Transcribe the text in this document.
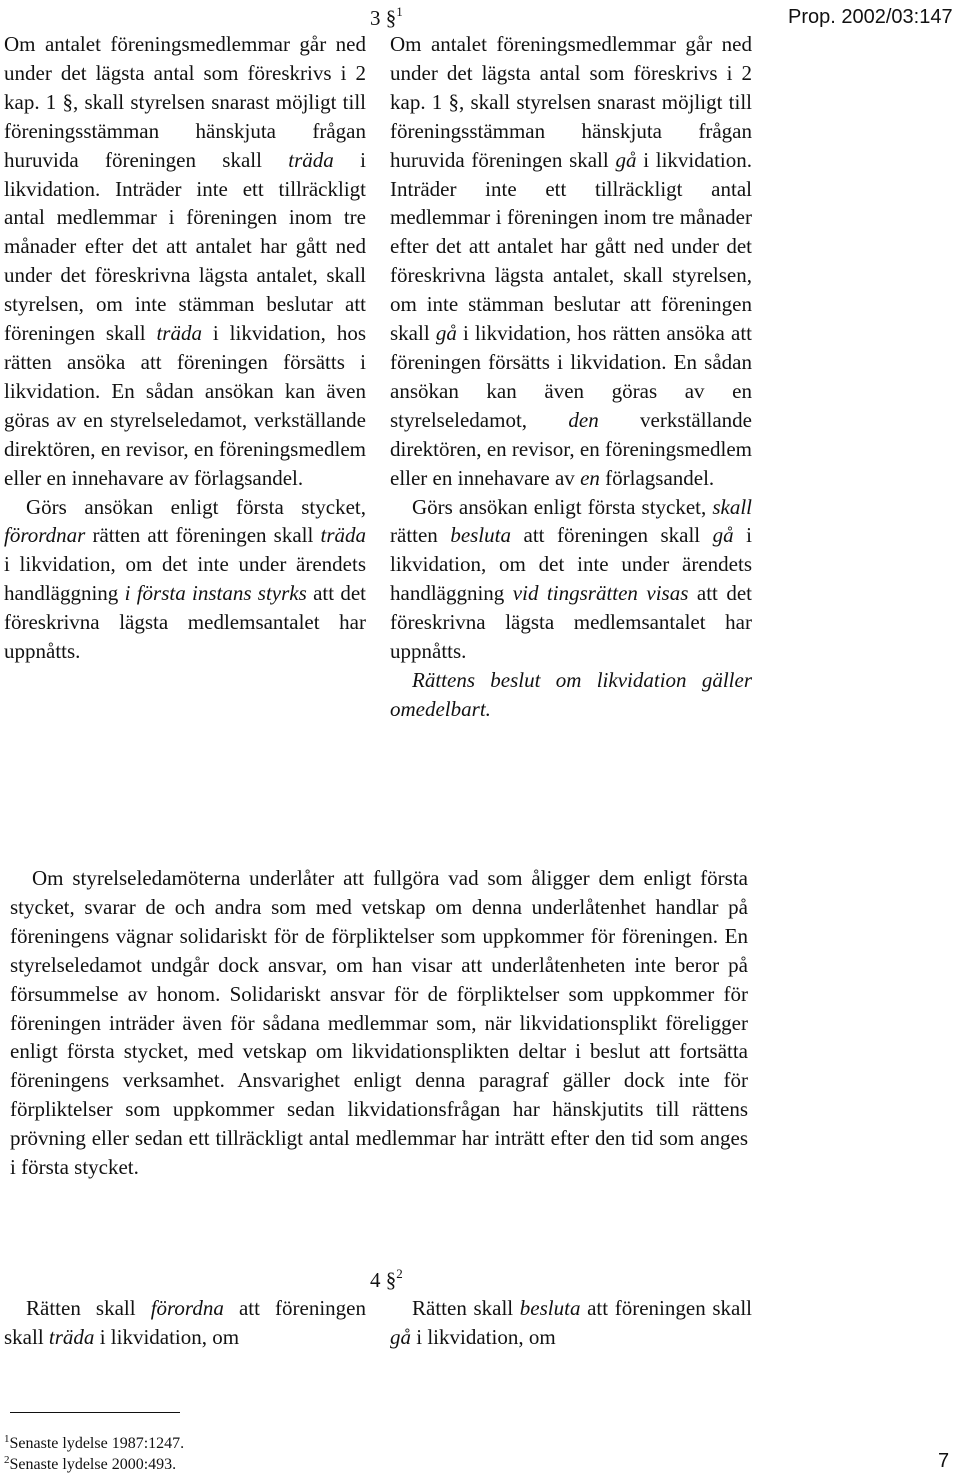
3 §$^1$	Prop. 2002/03:147

Om antalet föreningsmedlemmar går ned under det lägsta antal som föreskrivs i 2 kap. 1 §, skall styrelsen snarast möjligt till föreningsstämman hänskjuta frågan huruvida föreningen skall träda i likvidation. Inträder inte ett tillräckligt antal medlemmar i föreningen inom tre månader efter det att antalet har gått ned under det föreskrivna lägsta antalet, skall styrelsen, om inte stämman beslutar att föreningen skall träda i likvidation, hos rätten ansöka att föreningen försätts i likvidation. En sådan ansökan kan även göras av en styrelseledamot, verkställande direktören, en revisor, en föreningsmedlem eller en innehavare av förlagsandel.

Görs ansökan enligt första stycket, förordnar rätten att föreningen skall träda i likvidation, om det inte under ärendets handläggning i första instans styrks att det föreskrivna lägsta medlemsantalet har uppnåtts.

Om antalet föreningsmedlemmar går ned under det lägsta antal som föreskrivs i 2 kap. 1 §, skall styrelsen snarast möjligt till föreningsstämman hänskjuta frågan huruvida föreningen skall gå i likvidation. Inträder inte ett tillräckligt antal medlemmar i föreningen inom tre månader efter det att antalet har gått ned under det föreskrivna lägsta antalet, skall styrelsen, om inte stämman beslutar att föreningen skall gå i likvidation, hos rätten ansöka att föreningen försätts i likvidation. En sådan ansökan kan även göras av en styrelseledamot, den verkställande direktören, en revisor, en föreningsmedlem eller en innehavare av en förlagsandel.

Görs ansökan enligt första stycket, skall rätten besluta att föreningen skall gå i likvidation, om det inte under ärendets handläggning vid tingsrätten visas att det föreskrivna lägsta medlemsantalet har uppnåtts.

Rättens beslut om likvidation gäller omedelbart.

Om styrelseledamöterna underlåter att fullgöra vad som åligger dem enligt första stycket, svarar de och andra som med vetskap om denna underlåtenhet handlar på föreningens vägnar solidariskt för de förpliktelser som uppkommer för föreningen. En styrelseledamot undgår dock ansvar, om han visar att underlåtenheten inte beror på försummelse av honom. Solidariskt ansvar för de förpliktelser som uppkommer för föreningen inträder även för sådana medlemmar som, när likvidationsplikt föreligger enligt första stycket, med vetskap om likvidationsplikten deltar i beslut att fortsätta föreningens verksamhet. Ansvarighet enligt denna paragraf gäller dock inte för förpliktelser som uppkommer sedan likvidationsfrågan har hänskjutits till rättens prövning eller sedan ett tillräckligt antal medlemmar har inträtt efter den tid som anges i första stycket.

4 §$^2$

Rätten skall förordna att föreningen skall träda i likvidation, om

Rätten skall besluta att föreningen skall gå i likvidation, om

$^1$Senaste lydelse 1987:1247.
$^2$Senaste lydelse 2000:493.	7
